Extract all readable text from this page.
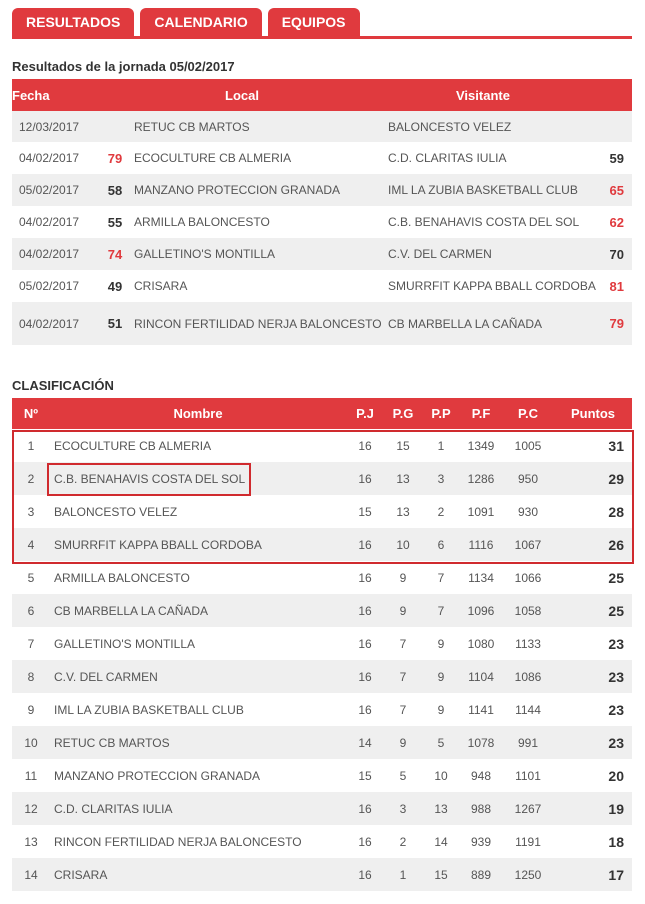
RESULTADOS	CALENDARIO	EQUIPOS
Resultados de la jornada 05/02/2017
Fecha		Local	Visitante	
12/03/2017		RETUC CB MARTOS	BALONCESTO VELEZ	
04/02/2017	79	ECOCULTURE CB ALMERIA	C.D. CLARITAS IULIA	59
05/02/2017	58	MANZANO PROTECCION GRANADA	IML LA ZUBIA BASKETBALL CLUB	65
04/02/2017	55	ARMILLA BALONCESTO	C.B. BENAHAVIS COSTA DEL SOL	62
04/02/2017	74	GALLETINO'S MONTILLA	C.V. DEL CARMEN	70
05/02/2017	49	CRISARA	SMURRFIT KAPPA BBALL CORDOBA	81
04/02/2017	51	RINCON FERTILIDAD NERJA BALONCESTO	CB MARBELLA LA CAÑADA	79
CLASIFICACIÓN
Nº	Nombre	P.J	P.G	P.P	P.F	P.C	Puntos
1	ECOCULTURE CB ALMERIA	16	15	1	1349	1005	31
2	C.B. BENAHAVIS COSTA DEL SOL	16	13	3	1286	950	29
3	BALONCESTO VELEZ	15	13	2	1091	930	28
4	SMURRFIT KAPPA BBALL CORDOBA	16	10	6	1116	1067	26
5	ARMILLA BALONCESTO	16	9	7	1134	1066	25
6	CB MARBELLA LA CAÑADA	16	9	7	1096	1058	25
7	GALLETINO'S MONTILLA	16	7	9	1080	1133	23
8	C.V. DEL CARMEN	16	7	9	1104	1086	23
9	IML LA ZUBIA BASKETBALL CLUB	16	7	9	1141	1144	23
10	RETUC CB MARTOS	14	9	5	1078	991	23
11	MANZANO PROTECCION GRANADA	15	5	10	948	1101	20
12	C.D. CLARITAS IULIA	16	3	13	988	1267	19
13	RINCON FERTILIDAD NERJA BALONCESTO	16	2	14	939	1191	18
14	CRISARA	16	1	15	889	1250	17
